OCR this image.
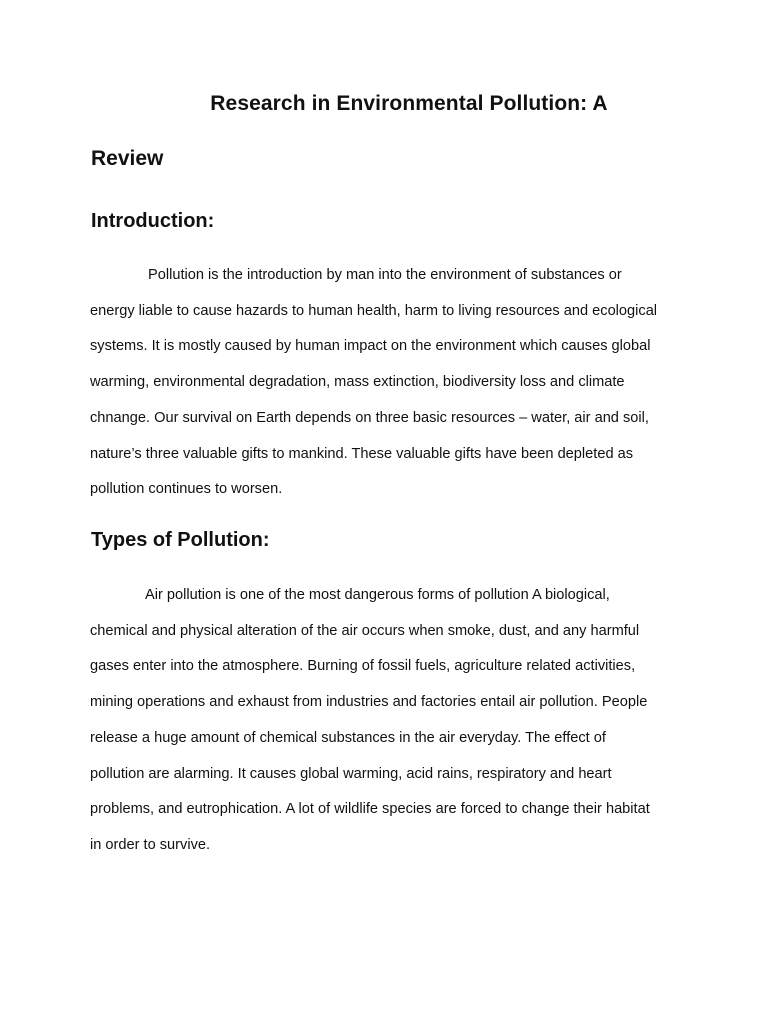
Research in Environmental Pollution: A
Review
Introduction:

Pollution is the introduction by man into the environment of substances or
energy liable to cause hazards to human health, harm to living resources and ecological
systems. It is mostly caused by human impact on the environment which causes global
warming, environmental degradation, mass extinction, biodiversity loss and climate
chnange. Our survival on Earth depends on three basic resources – water, air and soil,
nature’s three valuable gifts to mankind. These valuable gifts have been depleted as
pollution continues to worsen.

Types of Pollution:

Air pollution is one of the most dangerous forms of pollution A biological,
chemical and physical alteration of the air occurs when smoke, dust, and any harmful
gases enter into the atmosphere. Burning of fossil fuels, agriculture related activities,
mining operations and exhaust from industries and factories entail air pollution. People
release a huge amount of chemical substances in the air everyday. The effect of
pollution are alarming. It causes global warming, acid rains, respiratory and heart
problems, and eutrophication. A lot of wildlife species are forced to change their habitat
in order to survive.
